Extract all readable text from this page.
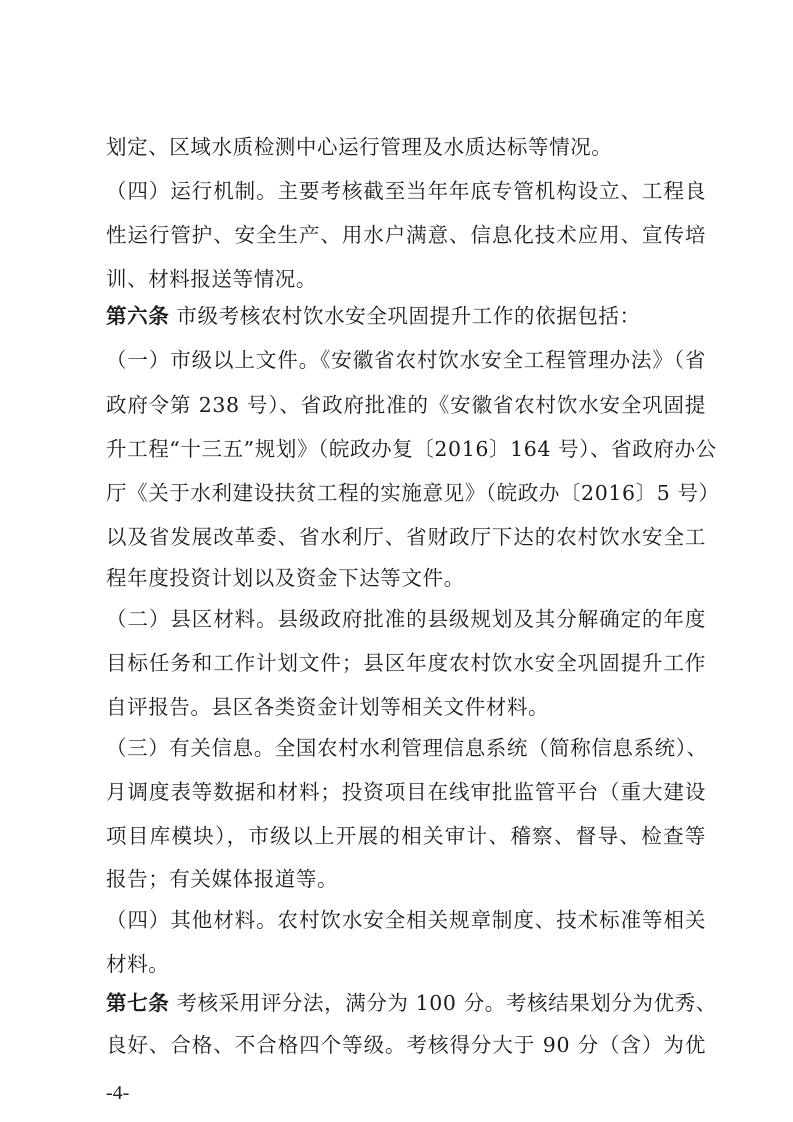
划定、区域水质检测中心运行管理及水质达标等情况。
（四）运行机制。主要考核截至当年年底专管机构设立、工程良
性运行管护、安全生产、用水户满意、信息化技术应用、宣传培
训、材料报送等情况。
第六条 市级考核农村饮水安全巩固提升工作的依据包括：
（一）市级以上文件。《安徽省农村饮水安全工程管理办法》（省
政府令第 238 号）、省政府批准的《安徽省农村饮水安全巩固提
升工程“十三五”规划》（皖政办复〔2016〕164 号）、省政府办公
厅《关于水利建设扶贫工程的实施意见》（皖政办〔2016〕5 号）
以及省发展改革委、省水利厅、省财政厅下达的农村饮水安全工
程年度投资计划以及资金下达等文件。
（二）县区材料。县级政府批准的县级规划及其分解确定的年度
目标任务和工作计划文件；县区年度农村饮水安全巩固提升工作
自评报告。县区各类资金计划等相关文件材料。
（三）有关信息。全国农村水利管理信息系统（简称信息系统）、
月调度表等数据和材料；投资项目在线审批监管平台（重大建设
项目库模块），市级以上开展的相关审计、稽察、督导、检查等
报告；有关媒体报道等。
（四）其他材料。农村饮水安全相关规章制度、技术标准等相关
材料。
第七条 考核采用评分法，满分为 100 分。考核结果划分为优秀、
良好、合格、不合格四个等级。考核得分大于 90 分（含）为优
-4-
